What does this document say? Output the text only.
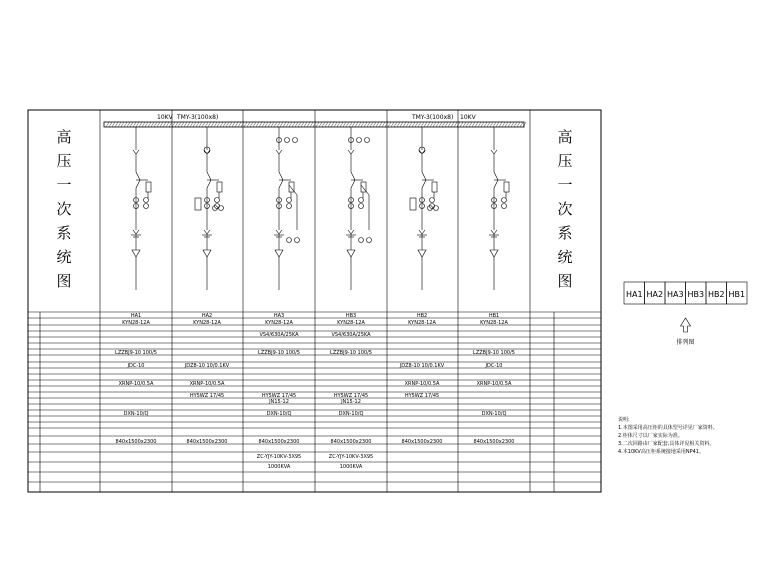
10KV TMY-3(100x8)	TMY-3(100x8) 10KV
高
压
一
次
系
统
图
高
压
一
次
系
统
图
HA1
KYN28-12A
LZZBJ9-10 100/5
JDC-10
XRNP-10/0.5A
DXN-10/Q
840x1500x2300
HA2
KYN28-12A
JDZ8-10 10/0.1KV
XRNP-10/0.5A
HY5WZ 17/45
840x1500x2300
HA3
KYN28-12A
VS4/630A/25KA
LZZBJ9-10 100/5
HY5WZ 17/45
JN15-12
DXN-10/Q
840x1500x2300
ZC-YJY-10KV-3X95
1000KVA
HB3
KYN28-12A
VS4/630A/25KA
LZZBJ9-10 100/5
HY5WZ 17/45
JN15-12
DXN-10/Q
840x1500x2300
ZC-YJY-10KV-3X95
1000KVA
HB2
KYN28-12A
JDZ8-10 10/0.1KV
XRNP-10/0.5A
HY5WZ 17/45
840x1500x2300
HB1
KYN28-12A
LZZBJ9-10 100/5
JDC-10
XRNP-10/0.5A
DXN-10/Q
840x1500x2300
HA1 HA2 HA3 HB3 HB2 HB1
排列图
说明:
1.本图采用高压柜的具体型号详见厂家资料。
2.柜体尺寸以厂家实际为准。
3.二次回路由厂家配套,具体详见相关资料。
4.本10KV高压柜系统接地采用NP41。
